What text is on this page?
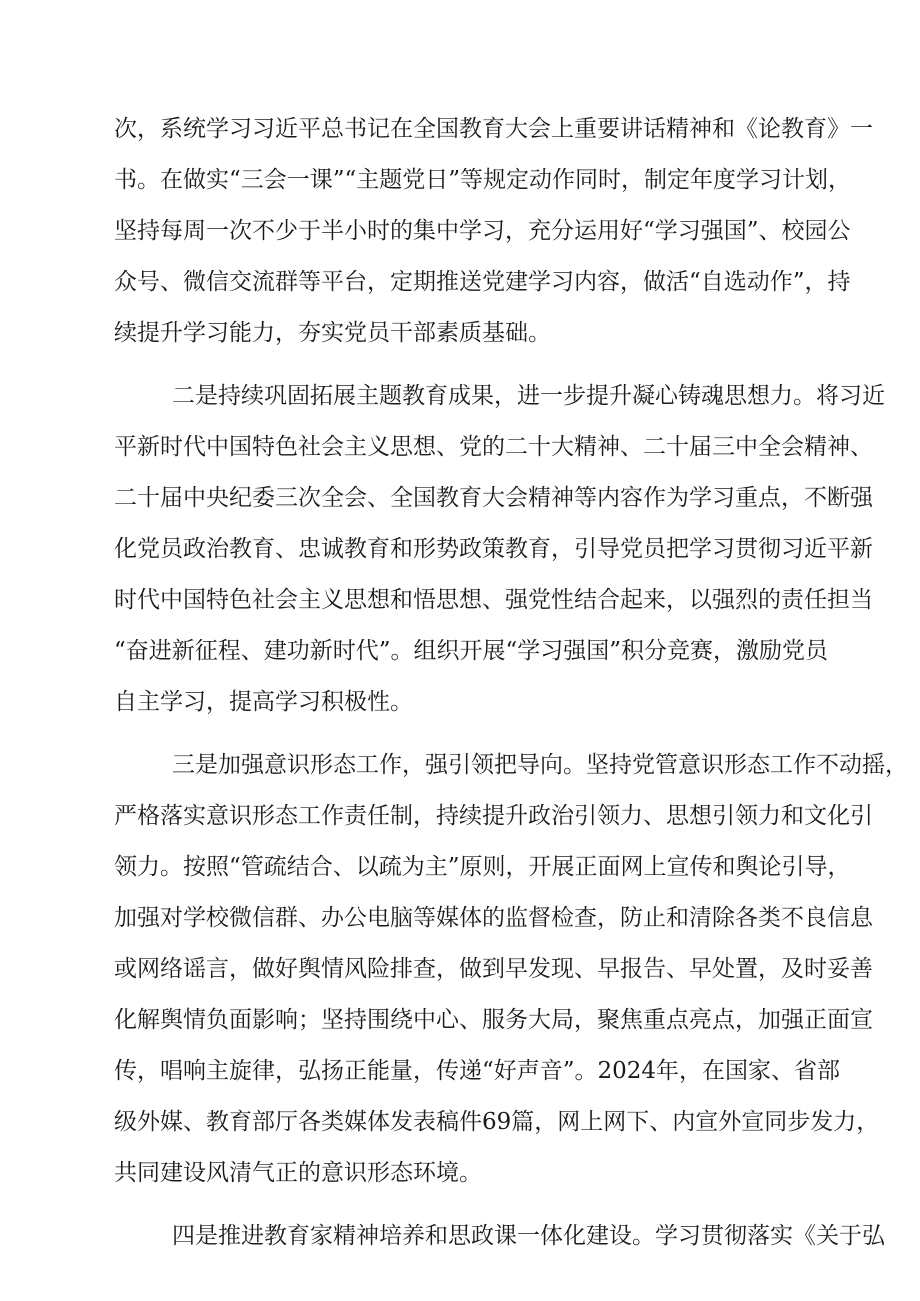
次，系统学习习近平总书记在全国教育大会上重要讲话精神和《论教育》一
书。在做实“三会一课”“主题党日”等规定动作同时，制定年度学习计划，
坚持每周一次不少于半小时的集中学习，充分运用好“学习强国”、校园公
众号、微信交流群等平台，定期推送党建学习内容，做活“自选动作”，持
续提升学习能力，夯实党员干部素质基础。
二是持续巩固拓展主题教育成果，进一步提升凝心铸魂思想力。将习近
平新时代中国特色社会主义思想、党的二十大精神、二十届三中全会精神、
二十届中央纪委三次全会、全国教育大会精神等内容作为学习重点，不断强
化党员政治教育、忠诚教育和形势政策教育，引导党员把学习贯彻习近平新
时代中国特色社会主义思想和悟思想、强党性结合起来，以强烈的责任担当
“奋进新征程、建功新时代”。组织开展“学习强国”积分竞赛，激励党员
自主学习，提高学习积极性。
三是加强意识形态工作，强引领把导向。坚持党管意识形态工作不动摇，
严格落实意识形态工作责任制，持续提升政治引领力、思想引领力和文化引
领力。按照“管疏结合、以疏为主”原则，开展正面网上宣传和舆论引导，
加强对学校微信群、办公电脑等媒体的监督检查，防止和清除各类不良信息
或网络谣言，做好舆情风险排查，做到早发现、早报告、早处置，及时妥善
化解舆情负面影响；坚持围绕中心、服务大局，聚焦重点亮点，加强正面宣
传，唱响主旋律，弘扬正能量，传递“好声音”。2024年，在国家、省部
级外媒、教育部厅各类媒体发表稿件69篇，网上网下、内宣外宣同步发力，
共同建设风清气正的意识形态环境。
四是推进教育家精神培养和思政课一体化建设。学习贯彻落实《关于弘
